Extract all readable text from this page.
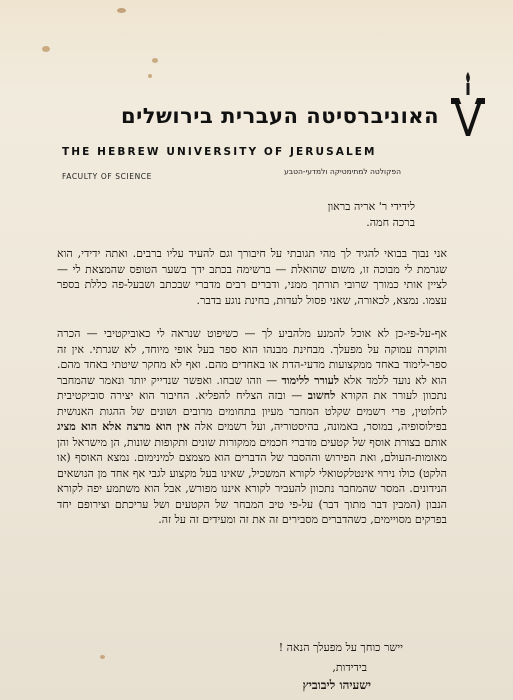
האוניברסיטה העברית בירושלים
THE HEBREW UNIVERSITY OF JERUSALEM
הפקולטה למתימטיקה ולמדעי-הטבע
FACULTY OF SCIENCE

לידידי ר' אריה בראון

ברכה חמה.

אני נבוך בבואי להגיד לך מהי תגובתי על חיבורך וגם להעיד עליו ברבים. ואתה ידידי, הוא שגרמת לי מבוכה זו, משום שהואלת — ברשימה בכתב ידך בשער הטופס שהמצאת לי — לציין אותי כמורך שרובי תורתך ממני, ודברים רבים מדברי שבכתב ושבעל-פה כללת בספר עצמו. נמצא, לכאורה, שאני פסול לעדות, בחינת נוגע בדבר.

אף-על-פי-כן לא אוכל להמנע מלהביע לך — כשיפוט שנראה לי כאוביקטיבי — הכרה והוקרה עמוקה על מפעלך. מבחינת מבנהו הוא ספר בעל אופי מיוחד, לא שגרתי. אין זה ספר-לימוד באחד ממקצועות מדעי-הדת או באחדים מהם. ואף לא מחקר שיטתי באחד מהם. הוא לא נועד ללמד אלא לעורר ללימוד — וזהו שבחו. ואפשר שנדייק יותר ונאמר שהמחבר נתכוון לעורר את הקורא לחשוב — ובזה הצליח להפליא. החיבור הוא יצירה סוביקטיבית לחלוטין, פרי רשמים שקלט המחבר מעיון בתחומים מרובים ושונים של ההגות האנושית בפילוסופיה, במוסר, באמונה, בהיסטוריה, ועל רשמים אלה אין הוא מרצה אלא הוא מציג אותם בצורת אוסף של קטעים מדברי חכמים ממקורות שונים ותקופות שונות, הן מישראל והן מאומות-העולם, ואת הפירוש וההסבר של הדברים הוא מצמצם למינימום. נמצא האוסף (או הלקט) כולו נירוי אינטלקטואלי לקורא המשכיל, שאינו בעל מקצוע לגבי אף אחד מן הנושאים הנידונים. המסר שהמחבר נתכוון להעביר לקורא איננו מפורש, אבל הוא משתמע יפה לקורא הנבון (המבין דבר מתוך דבר) על-פי טיב המבחר של הקטעים ושל עריכתם וצירופם יחד בפרקים מסויימים, כשהדברים מסבירים זה את זה ומעידים זה על זה.

יישר כוחך על מפעלך הנאה !

בידידות,

ישעיהו ליבוביץ
